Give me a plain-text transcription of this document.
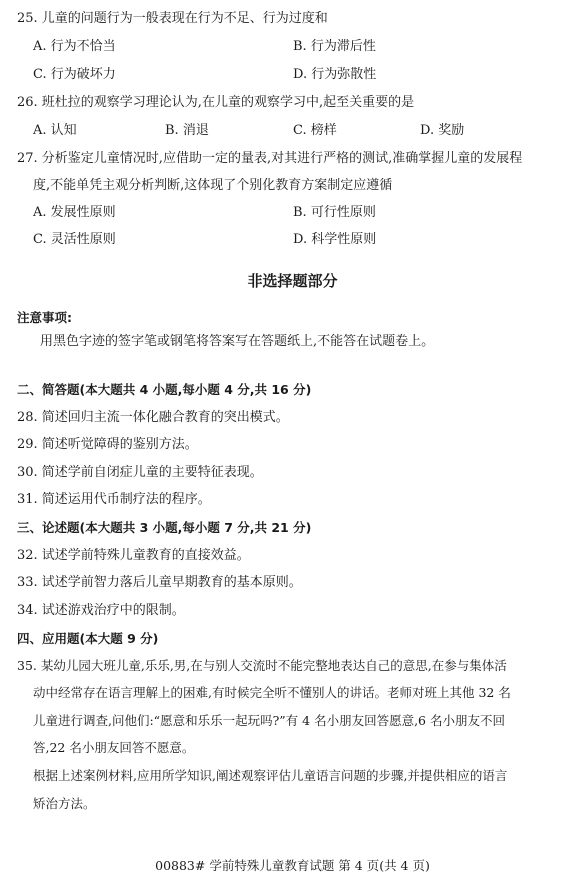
25. 儿童的问题行为一般表现在行为不足、行为过度和
A. 行为不恰当	B. 行为滞后性
C. 行为破坏力	D. 行为弥散性
26. 班杜拉的观察学习理论认为,在儿童的观察学习中,起至关重要的是
A. 认知	B. 消退	C. 榜样	D. 奖励
27. 分析鉴定儿童情况时,应借助一定的量表,对其进行严格的测试,准确掌握儿童的发展程
度,不能单凭主观分析判断,这体现了个别化教育方案制定应遵循
A. 发展性原则	B. 可行性原则
C. 灵活性原则	D. 科学性原则
非选择题部分
注意事项:
用黑色字迹的签字笔或钢笔将答案写在答题纸上,不能答在试题卷上。
二、简答题(本大题共 4 小题,每小题 4 分,共 16 分)
28. 简述回归主流一体化融合教育的突出模式。
29. 简述听觉障碍的鉴别方法。
30. 简述学前自闭症儿童的主要特征表现。
31. 简述运用代币制疗法的程序。
三、论述题(本大题共 3 小题,每小题 7 分,共 21 分)
32. 试述学前特殊儿童教育的直接效益。
33. 试述学前智力落后儿童早期教育的基本原则。
34. 试述游戏治疗中的限制。
四、应用题(本大题 9 分)
35. 某幼儿园大班儿童,乐乐,男,在与别人交流时不能完整地表达自己的意思,在参与集体活
动中经常存在语言理解上的困难,有时候完全听不懂别人的讲话。老师对班上其他 32 名
儿童进行调查,问他们:“愿意和乐乐一起玩吗?”有 4 名小朋友回答愿意,6 名小朋友不回
答,22 名小朋友回答不愿意。
根据上述案例材料,应用所学知识,阐述观察评估儿童语言问题的步骤,并提供相应的语言
矫治方法。
00883# 学前特殊儿童教育试题 第 4 页(共 4 页)
